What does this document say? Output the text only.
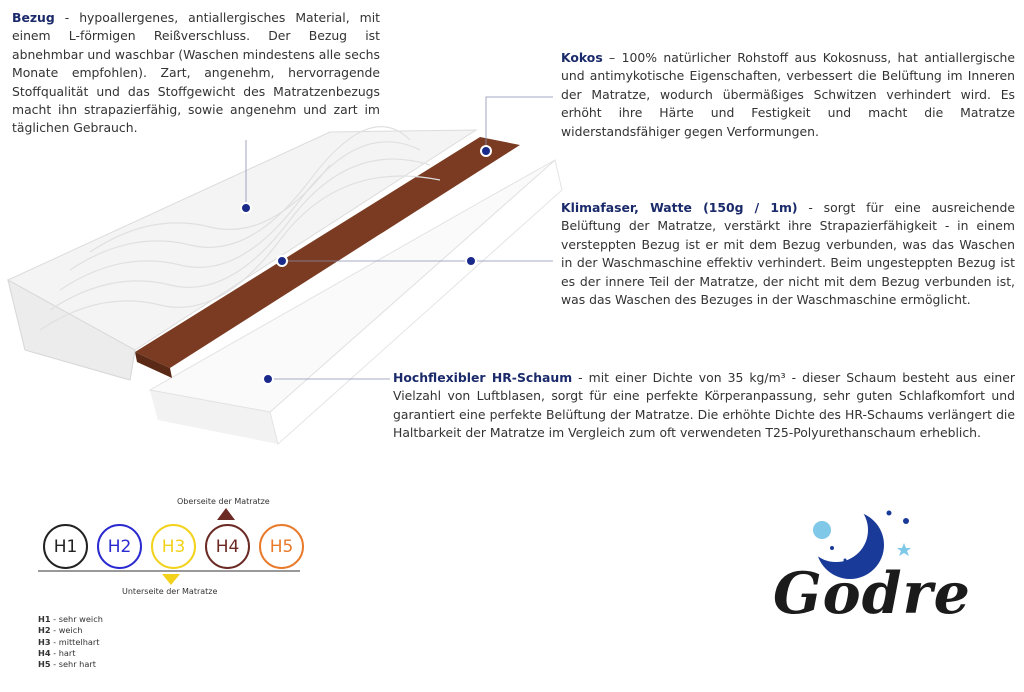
Bezug - hypoallergenes, antiallergisches Material, mit einem L-förmigen Reißverschluss. Der Bezug ist abnehmbar und waschbar (Waschen mindestens alle sechs Monate empfohlen). Zart, angenehm, hervorragende Stoffqualität und das Stoffgewicht des Matratzenbezugs macht ihn strapazierfähig, sowie angenehm und zart im täglichen Gebrauch.
Kokos – 100% natürlicher Rohstoff aus Kokosnuss, hat antiallergische und antimykotische Eigenschaften, verbessert die Belüftung im Inneren der Matratze, wodurch übermäßiges Schwitzen verhindert wird. Es erhöht ihre Härte und Festigkeit und macht die Matratze widerstandsfähiger gegen Verformungen.
Klimafaser, Watte (150g / 1m) - sorgt für eine ausreichende Belüftung der Matratze, verstärkt ihre Strapazierfähigkeit - in einem versteppten Bezug ist er mit dem Bezug verbunden, was das Waschen in der Waschmaschine effektiv verhindert. Beim ungesteppten Bezug ist es der innere Teil der Matratze, der nicht mit dem Bezug verbunden ist, was das Waschen des Bezuges in der Waschmaschine ermöglicht.
Hochflexibler HR-Schaum - mit einer Dichte von 35 kg/m³ - dieser Schaum besteht aus einer Vielzahl von Luftblasen, sorgt für eine perfekte Körperanpassung, sehr guten Schlafkomfort und garantiert eine perfekte Belüftung der Matratze. Die erhöhte Dichte des HR-Schaums verlängert die Haltbarkeit der Matratze im Vergleich zum oft verwendeten T25-Polyurethanschaum erheblich.
Oberseite der Matratze
Unterseite der Matratze
H1	H2	H3	H4	H5
H1 - sehr weich
H2 - weich
H3 - mittelhart
H4 - hart
H5 - sehr hart
Godre
